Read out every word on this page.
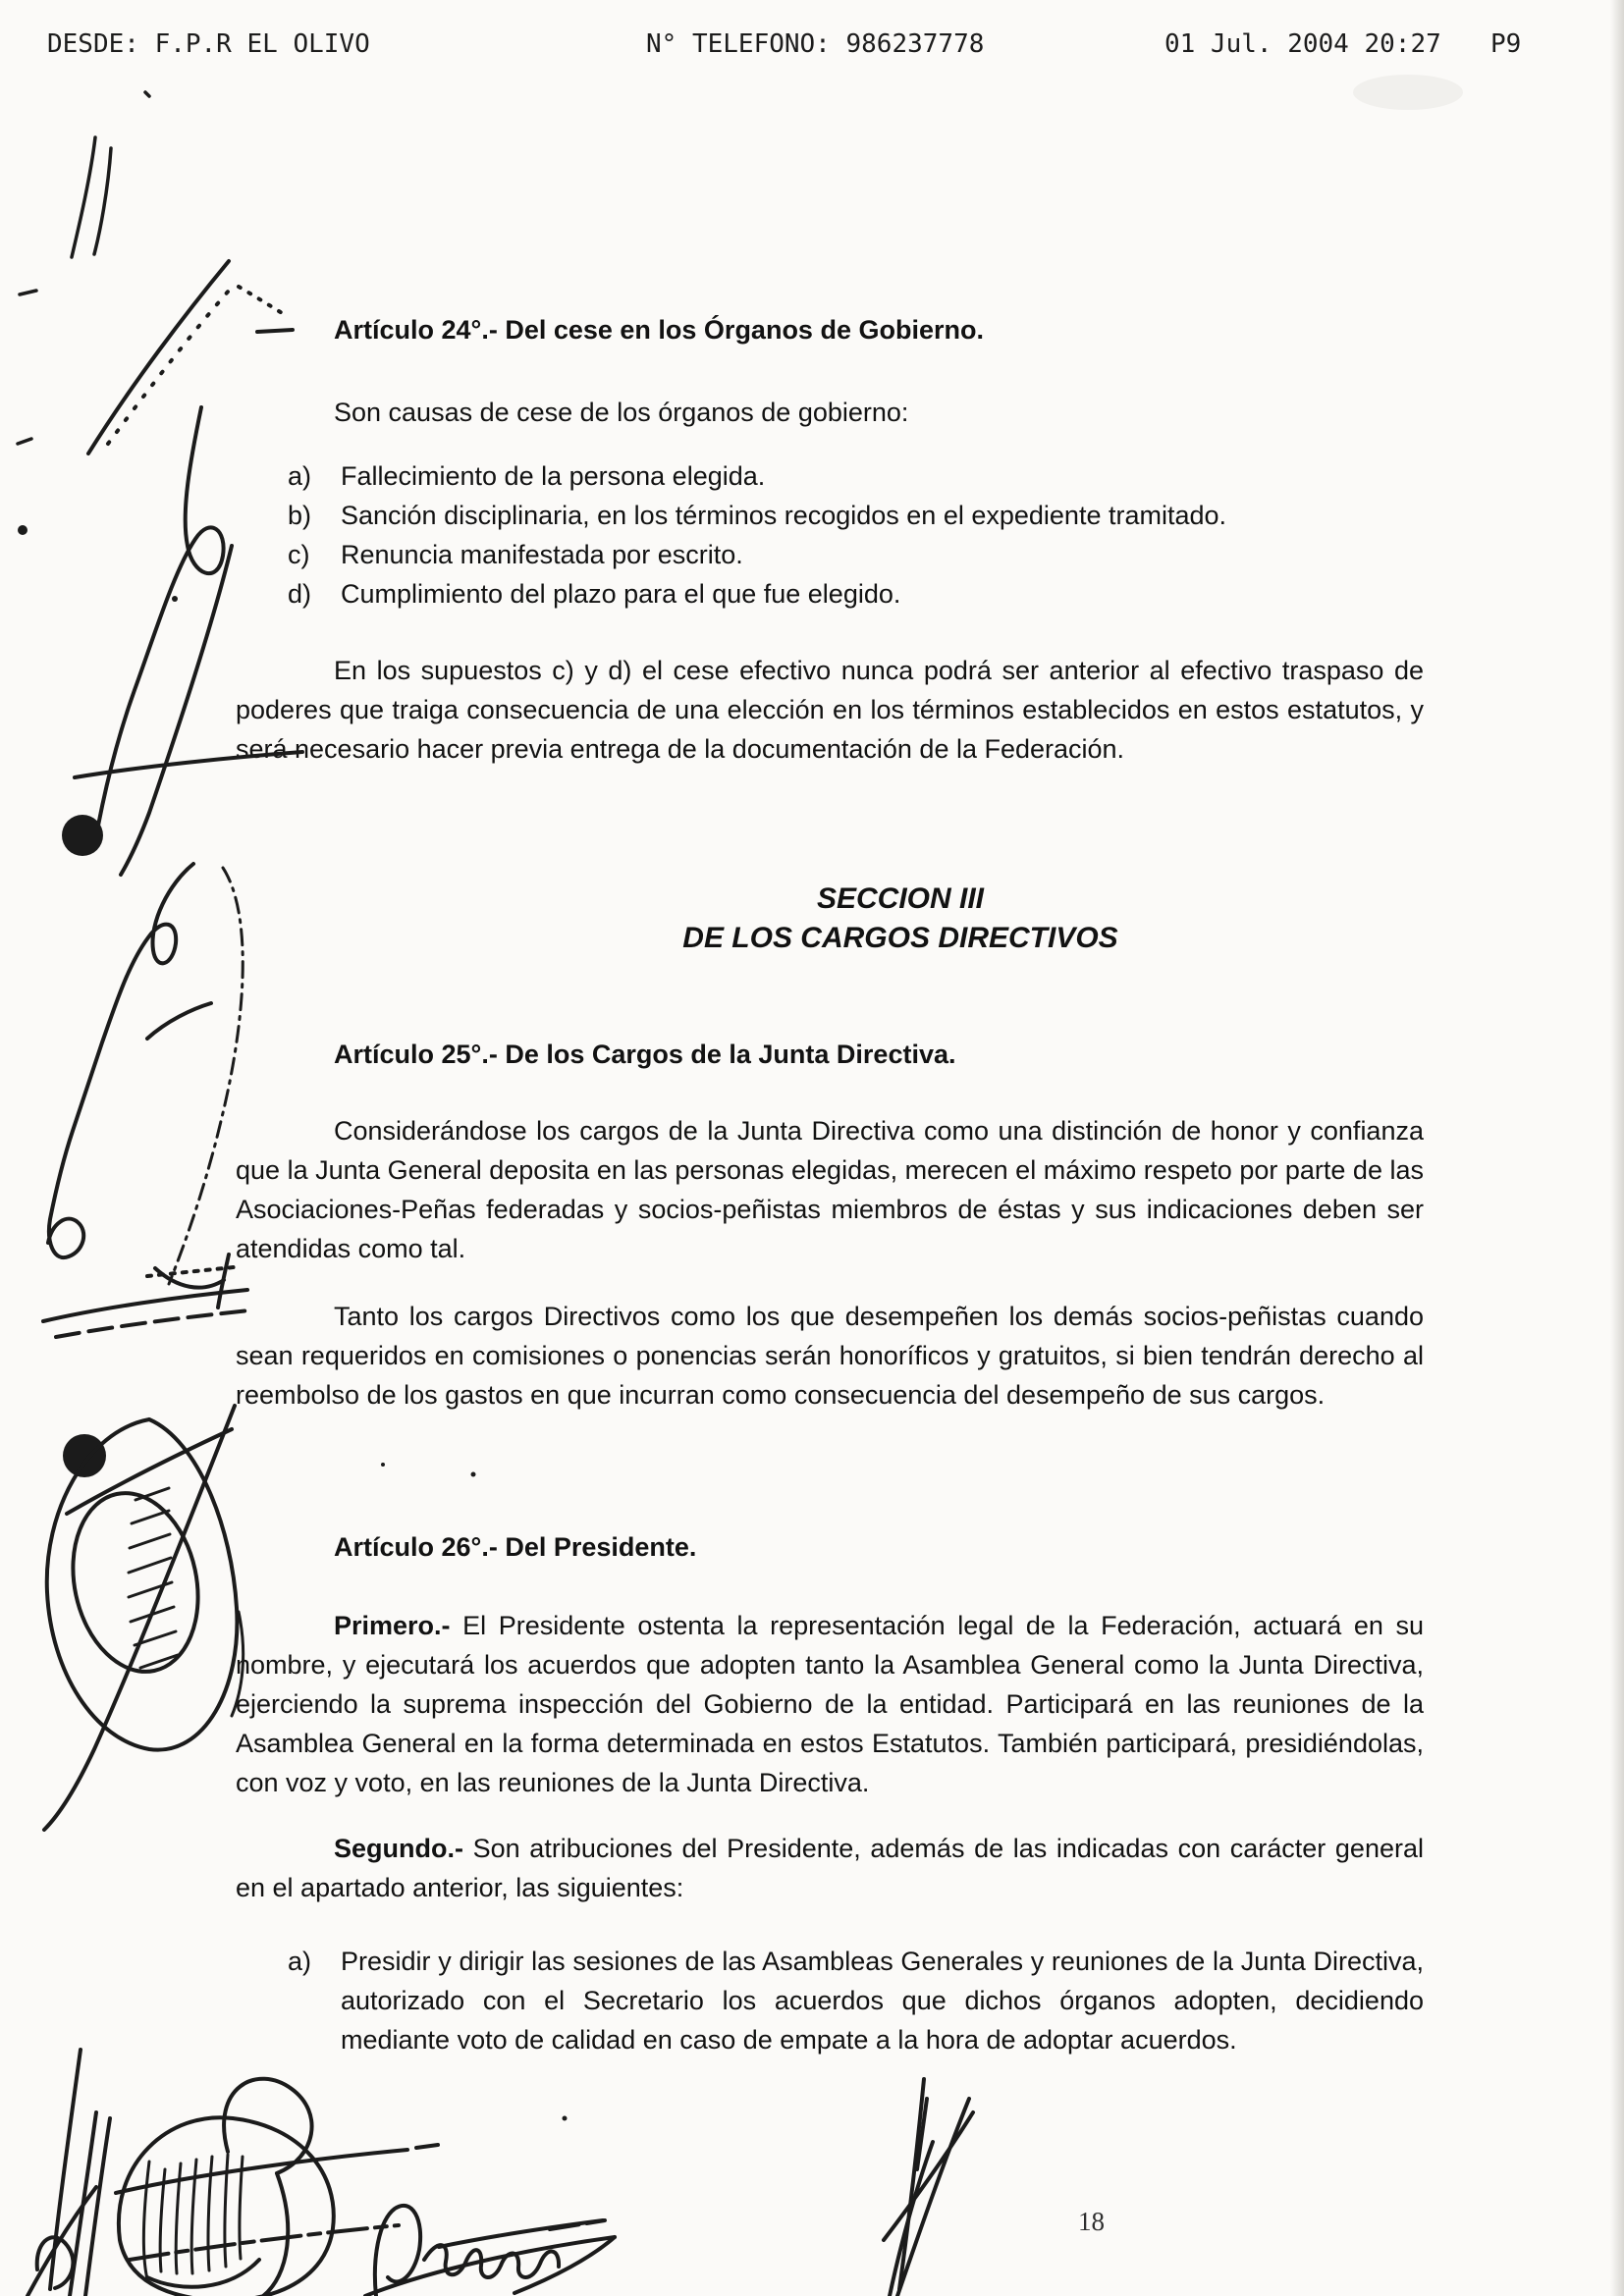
DESDE: F.P.R EL OLIVO	N° TELEFONO: 986237778	01 Jul. 2004 20:27 P9
Artículo 24°.- Del cese en los Órganos de Gobierno.
Son causas de cese de los órganos de gobierno:
a)	Fallecimiento de la persona elegida.
b)	Sanción disciplinaria, en los términos recogidos en el expediente tramitado.
c)	Renuncia manifestada por escrito.
d)	Cumplimiento del plazo para el que fue elegido.
En los supuestos c) y d) el cese efectivo nunca podrá ser anterior al efectivo traspaso de poderes que traiga consecuencia de una elección en los términos establecidos en estos estatutos, y será necesario hacer previa entrega de la documentación de la Federación.
SECCION III
DE LOS CARGOS DIRECTIVOS
Artículo 25°.- De los Cargos de la Junta Directiva.
Considerándose los cargos de la Junta Directiva como una distinción de honor y confianza que la Junta General deposita en las personas elegidas, merecen el máximo respeto por parte de las Asociaciones-Peñas federadas y socios-peñistas miembros de éstas y sus indicaciones deben ser atendidas como tal.
Tanto los cargos Directivos como los que desempeñen los demás socios-peñistas cuando sean requeridos en comisiones o ponencias serán honoríficos y gratuitos, si bien tendrán derecho al reembolso de los gastos en que incurran como consecuencia del desempeño de sus cargos.
Artículo 26°.- Del Presidente.
Primero.- El Presidente ostenta la representación legal de la Federación, actuará en su nombre, y ejecutará los acuerdos que adopten tanto la Asamblea General como la Junta Directiva, ejerciendo la suprema inspección del Gobierno de la entidad. Participará en las reuniones de la Asamblea General en la forma determinada en estos Estatutos. También participará, presidiéndolas, con voz y voto, en las reuniones de la Junta Directiva.
Segundo.- Son atribuciones del Presidente, además de las indicadas con carácter general en el apartado anterior, las siguientes:
a)	Presidir y dirigir las sesiones de las Asambleas Generales y reuniones de la Junta Directiva, autorizado con el Secretario los acuerdos que dichos órganos adopten, decidiendo mediante voto de calidad en caso de empate a la hora de adoptar acuerdos.
18
